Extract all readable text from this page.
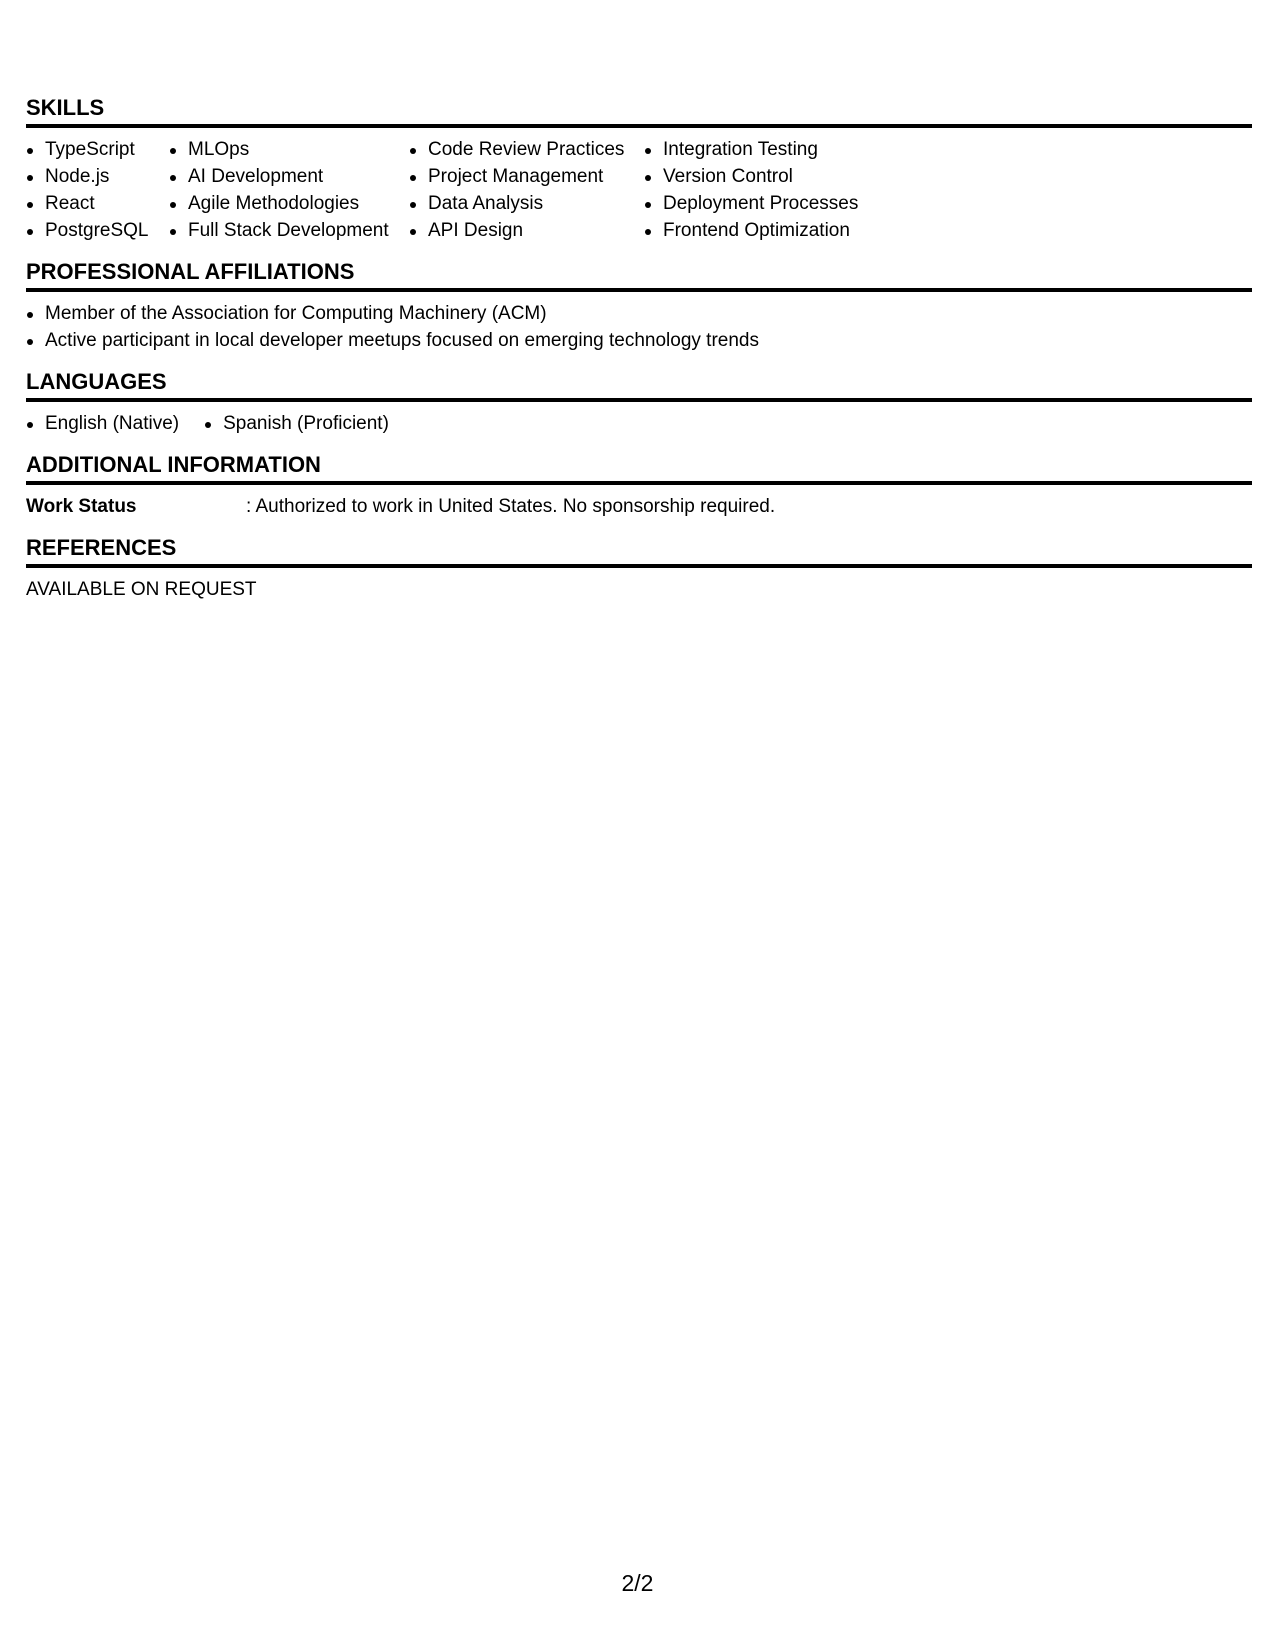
SKILLS
TypeScript
Node.js
React
PostgreSQL
MLOps
AI Development
Agile Methodologies
Full Stack Development
Code Review Practices
Project Management
Data Analysis
API Design
Integration Testing
Version Control
Deployment Processes
Frontend Optimization
PROFESSIONAL AFFILIATIONS
Member of the Association for Computing Machinery (ACM)
Active participant in local developer meetups focused on emerging technology trends
LANGUAGES
English (Native)	Spanish (Proficient)
ADDITIONAL INFORMATION
Work Status	: Authorized to work in United States. No sponsorship required.
REFERENCES
AVAILABLE ON REQUEST
2/2
